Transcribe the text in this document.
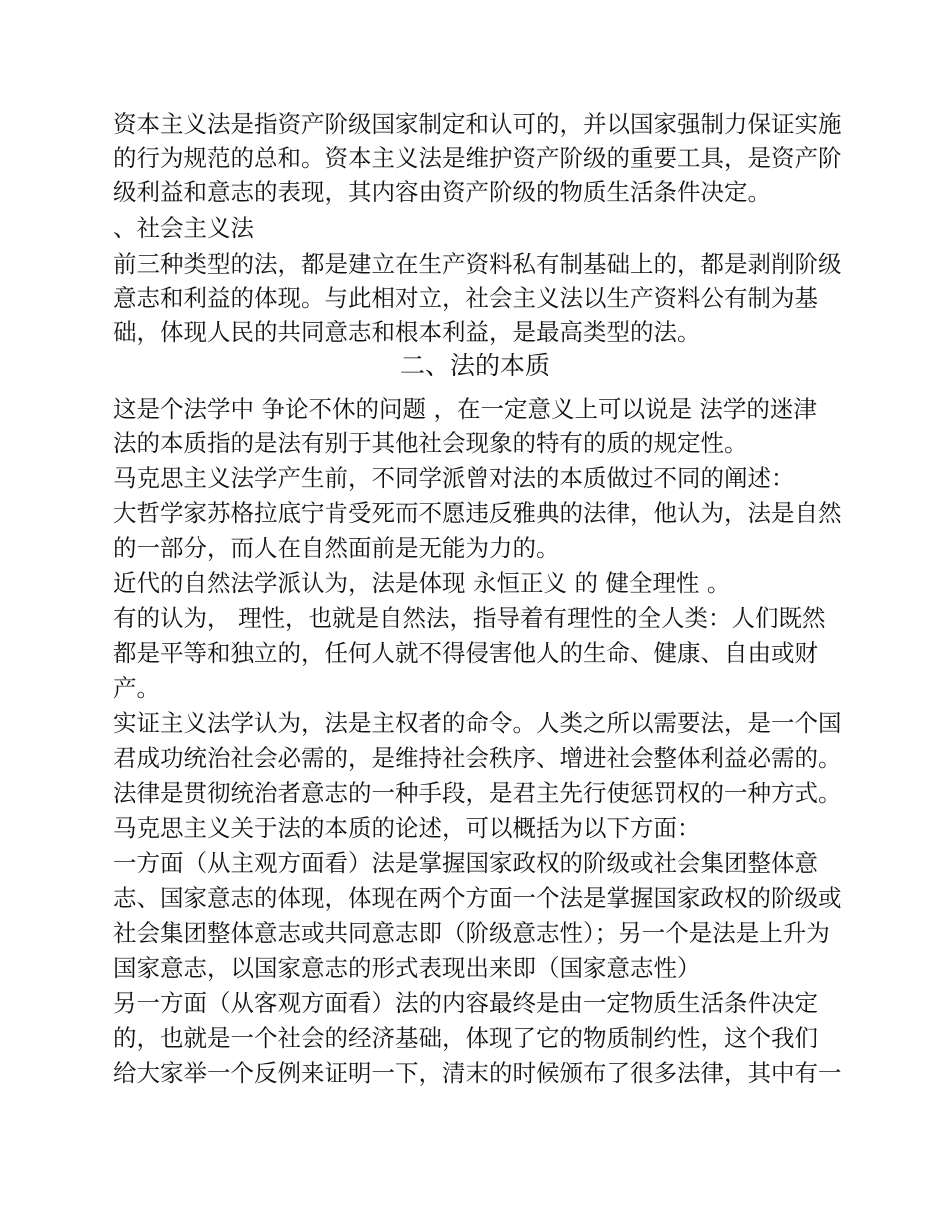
资本主义法是指资产阶级国家制定和认可的，并以国家强制力保证实施
的行为规范的总和。资本主义法是维护资产阶级的重要工具，是资产阶
级利益和意志的表现，其内容由资产阶级的物质生活条件决定。
、社会主义法
前三种类型的法，都是建立在生产资料私有制基础上的，都是剥削阶级
意志和利益的体现。与此相对立，社会主义法以生产资料公有制为基
础，体现人民的共同意志和根本利益，是最高类型的法。
二、法的本质
这是个法学中 争论不休的问题 ，在一定意义上可以说是 法学的迷津
法的本质指的是法有别于其他社会现象的特有的质的规定性。
马克思主义法学产生前，不同学派曾对法的本质做过不同的阐述：
大哲学家苏格拉底宁肯受死而不愿违反雅典的法律，他认为，法是自然
的一部分，而人在自然面前是无能为力的。
近代的自然法学派认为，法是体现 永恒正义 的 健全理性 。
有的认为， 理性，也就是自然法，指导着有理性的全人类：人们既然
都是平等和独立的，任何人就不得侵害他人的生命、健康、自由或财
产。
实证主义法学认为，法是主权者的命令。人类之所以需要法，是一个国
君成功统治社会必需的，是维持社会秩序、增进社会整体利益必需的。
法律是贯彻统治者意志的一种手段，是君主先行使惩罚权的一种方式。
马克思主义关于法的本质的论述，可以概括为以下方面：
一方面（从主观方面看）法是掌握国家政权的阶级或社会集团整体意
志、国家意志的体现，体现在两个方面一个法是掌握国家政权的阶级或
社会集团整体意志或共同意志即（阶级意志性）；另一个是法是上升为
国家意志，以国家意志的形式表现出来即（国家意志性）
另一方面（从客观方面看）法的内容最终是由一定物质生活条件决定
的，也就是一个社会的经济基础，体现了它的物质制约性，这个我们
给大家举一个反例来证明一下，清末的时候颁布了很多法律，其中有一
